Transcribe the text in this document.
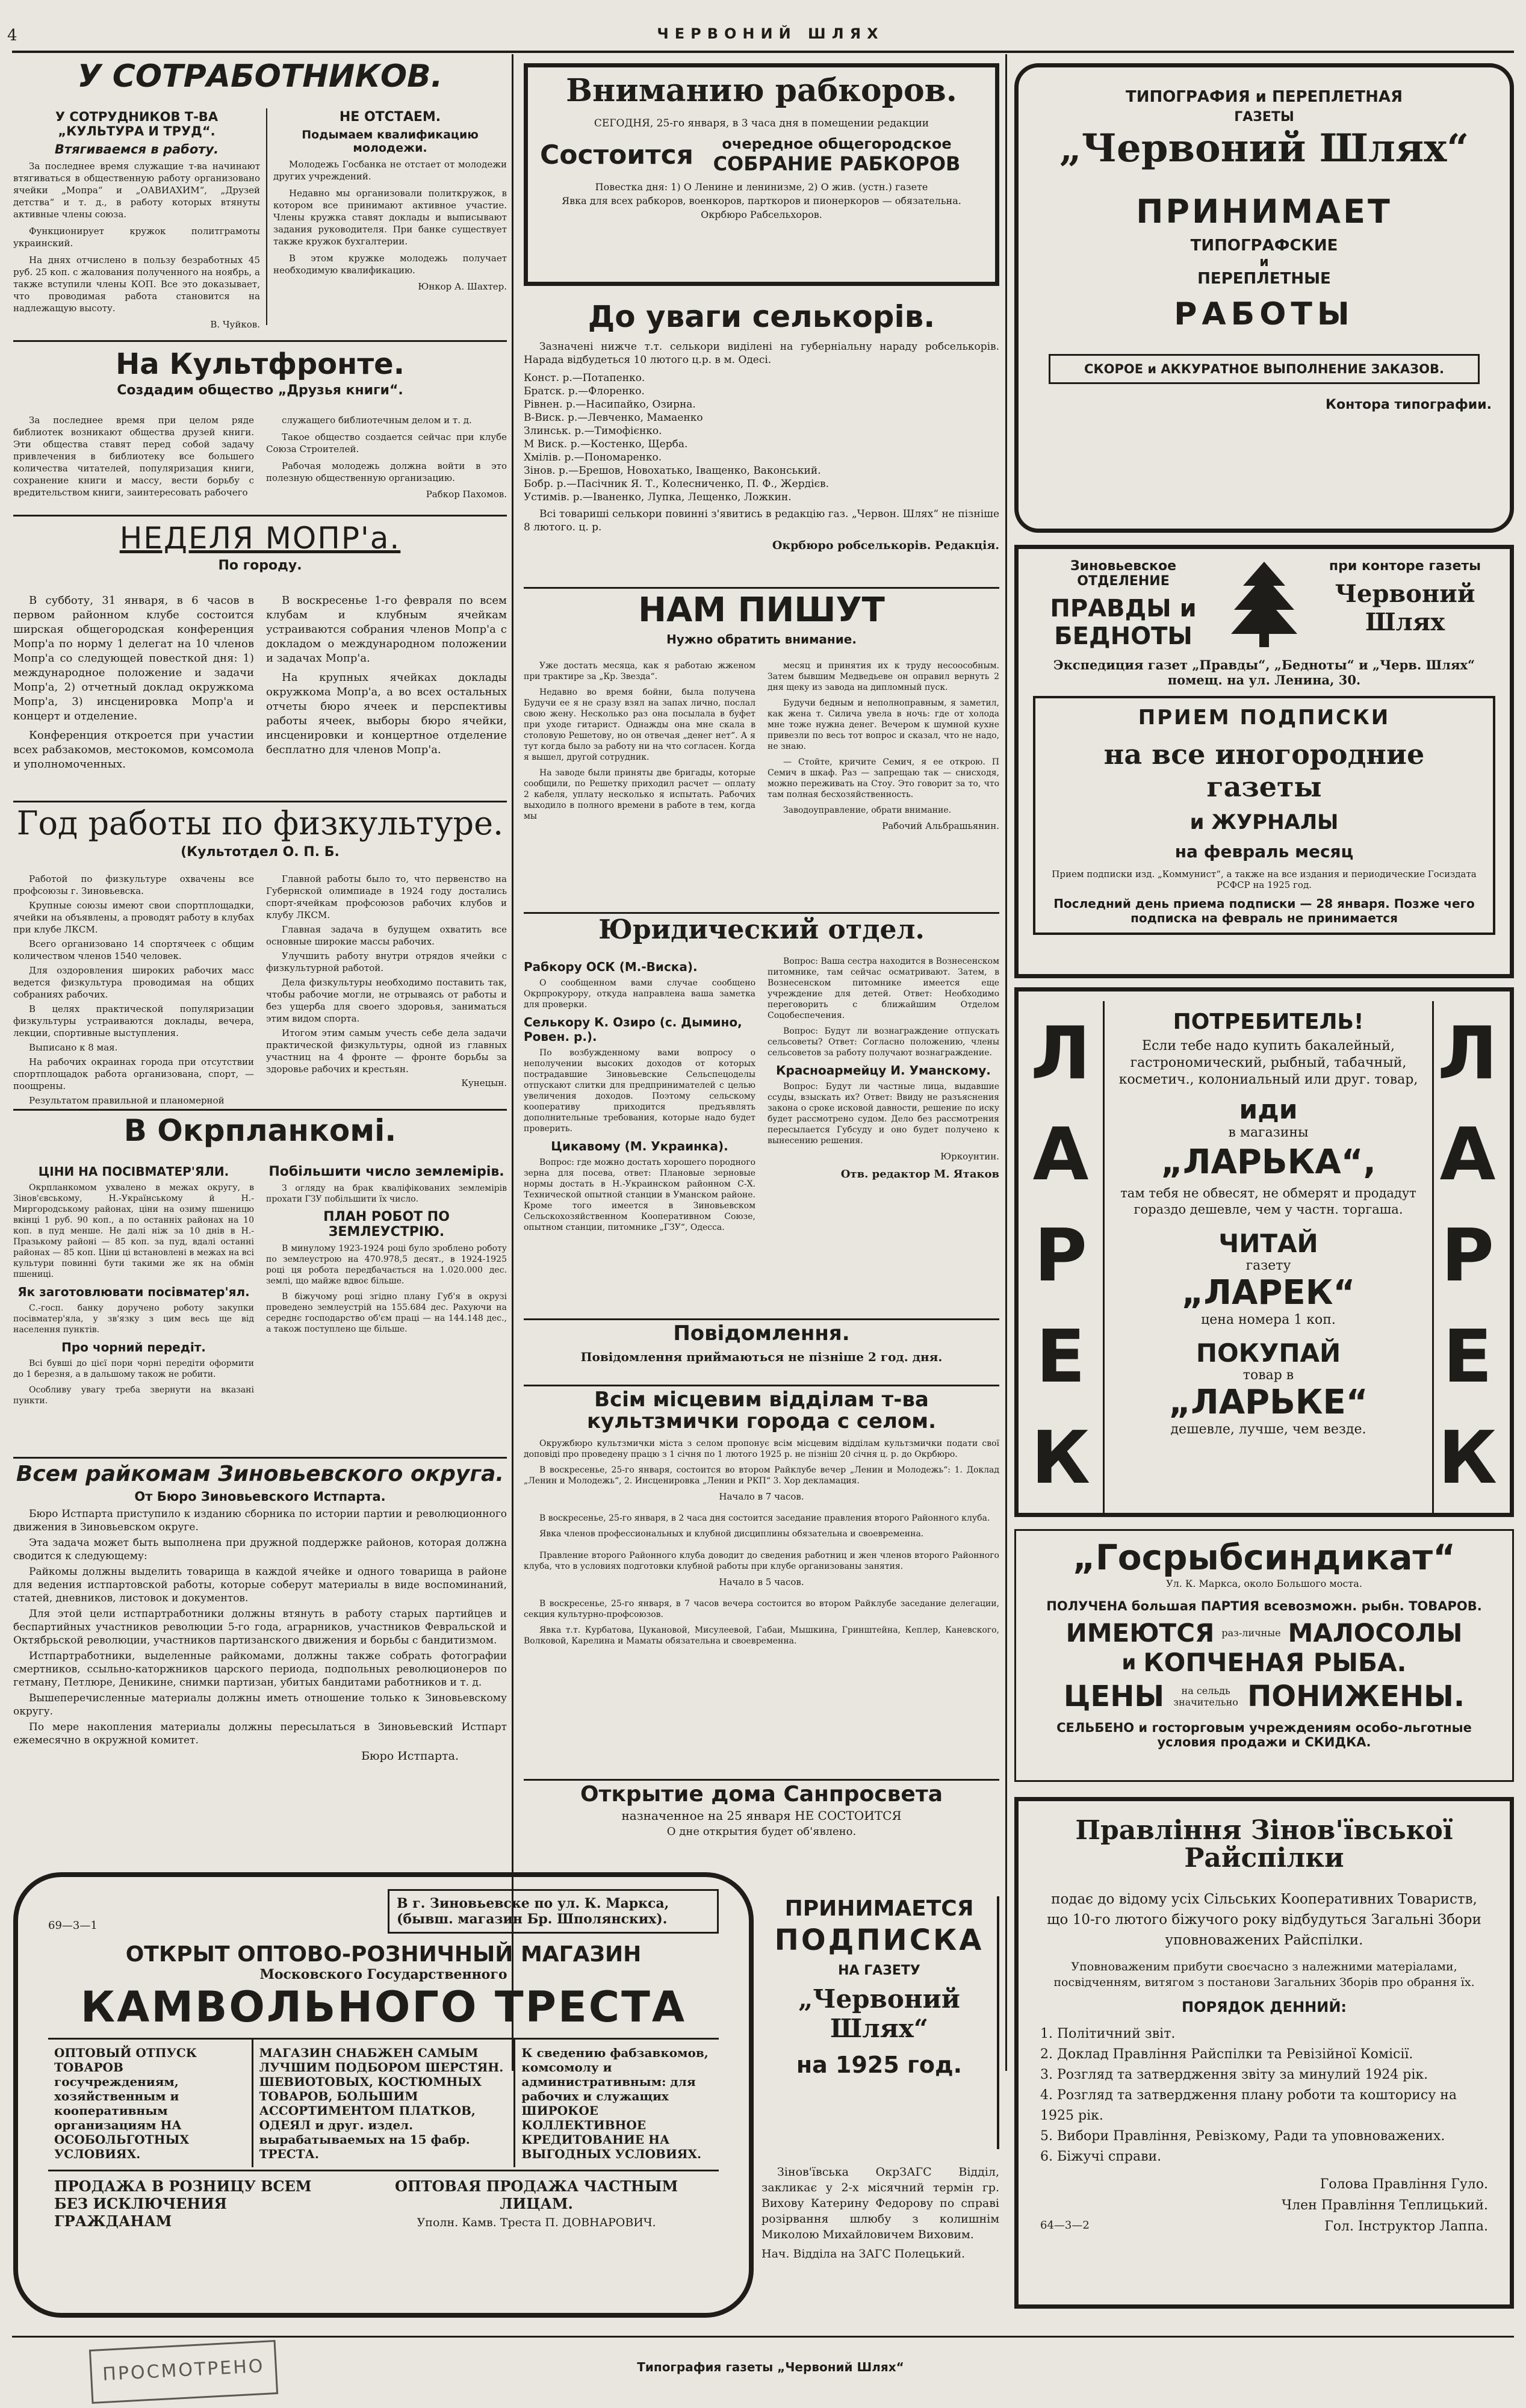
4	ЧЕРВОНИЙ ШЛЯХ
У СОТРАБОТНИКОВ.
У СОТРУДНИКОВ Т-ВА „КУЛЬТУРА И ТРУД“.
Втягиваемся в работу.

За последнее время служащие т-ва начинают втягиваться в общественную работу организовано ячейки „Мопра“ и „ОАВИАХИМ“, „Друзей детства“ и т. д., в работу которых втянуты активные члены союза.

Функционирует кружок политграмоты украинский.

На днях отчислено в пользу безработных 45 руб. 25 коп. с жалования полученного на ноябрь, а также вступили члены КОП. Все это доказывает, что проводимая работа становится на надлежащую высоту.

В. Чуйков.
НЕ ОТСТАЕМ.
Подымаем квалификацию молодежи.

Молодежь Госбанка не отстает от молодежи других учреждений.

Недавно мы организовали политкружок, в котором все принимают активное участие. Члены кружка ставят доклады и выписывают задания руководителя. При банке существует также кружок бухгалтерии.

В этом кружке молодежь получает необходимую квалификацию.

Юнкор А. Шахтер.
На Культфронте.
Создадим общество „Друзья книги“.

За последнее время при целом ряде библиотек возникают общества друзей книги. Эти общества ставят перед собой задачу привлечения в библиотеку все большего количества читателей, популяризация книги, сохранение книги и массу, вести борьбу с вредительством книги, заинтересовать рабочего

служащего библиотечным делом и т. д.

Такое общество создается сейчас при клубе Союза Строителей.

Рабочая молодежь должна войти в это полезную общественную организацию.

Рабкор Пахомов.
НЕДЕЛЯ МОПР'а.
По городу.

В субботу, 31 января, в 6 часов в первом районном клубе состоится ширская общегородская конференция Мопр'а по норму 1 делегат на 10 членов Мопр'а со следующей повесткой дня: 1) международное положение и задачи Мопр'а, 2) отчетный доклад окружкома Мопр'а, 3) инсценировка Мопр'а и концерт и отделение.

Конференция откроется при участии всех рабзакомов, местокомов, комсомола и уполномоченных.

В воскресенье 1-го февраля по всем клубам и клубным ячейкам устраиваются собрания членов Мопр'а с докладом о международном положении и задачах Мопр'а.

На крупных ячейках доклады окружкома Мопр'а, а во всех остальных отчеты бюро ячеек и перспективы работы ячеек, выборы бюро ячейки, инсценировки и концертное отделение бесплатно для членов Мопр'а.

Год работы по физкультуре.
(Культотдел О. П. Б.

Работой по физкультуре охвачены все профсоюзы г. Зиновьевска.

Крупные союзы имеют свои спортплощадки, ячейки на объявлены, а проводят работу в клубах при клубе ЛКСМ.

Всего организовано 14 спортячеек с общим количеством членов 1540 человек.

Для оздоровления широких рабочих масс ведется физкультура проводимая на общих собраниях рабочих.

В целях практической популяризации физкультуры устраиваются доклады, вечера, лекции, спортивные выступления.

Выписано к 8 мая.

На рабочих окраинах города при отсутствии спортплощадок работа организована, спорт, — поощрены.

Результатом правильной и планомерной

Главной работы было то, что первенство на Губернской олимпиаде в 1924 году достались спорт-ячейкам профсоюзов рабочих клубов и клубу ЛКСМ.

Главная задача в будущем охватить все основные широкие массы рабочих.

Улучшить работу внутри отрядов ячейки с физкультурной работой.

Дела физкультуры необходимо поставить так, чтобы рабочие могли, не отрываясь от работы и без ущерба для своего здоровья, заниматься этим видом спорта.

Итогом этим самым учесть себе дела задачи практической физкультуры, одной из главных участниц на 4 фронте — фронте борьбы за здоровье рабочих и крестьян.

Кунецын.
В Окрпланкомі.
ЦІНИ НА ПОСІВМАТЕР'ЯЛИ.

Окрпланкомом ухвалено в межах округу, в Зінов'євському, Н.-Українському й Н.-Миргородському районах, ціни на озиму пшеницю вкінці 1 руб. 90 коп., а по останніх районах на 10 коп. в пуд менше. Не далі ніж за 10 днів в Н.-Празькому районі — 85 коп. за пуд, вдалі останні районах — 85 коп. Ціни ці встановлені в межах на всі культури повинні бути такими же як на обмін пшениці.

Як заготовлювати посівматер'ял.

С.-госп. банку доручено роботу закупки посівматер'яла, у зв'язку з цим весь ще від населення пунктів.

Про чорний передіт.

Всі бувші до цієї пори чорні передіти оформити до 1 березня, а в дальшому також не робити.

Особливу увагу треба звернути на вказані пункти.

Побільшити число землемірів.

З огляду на брак кваліфікованих землемірів прохати ГЗУ побільшити їх число.

ПЛАН РОБОТ ПО ЗЕМЛЕУСТРІЮ.

В минулому 1923-1924 році було зроблено роботу по землеустрою на 470.978,5 десят., в 1924-1925 році ця робота передбачається на 1.020.000 дес. землі, що майже вдвоє більше.

В біжучому році згідно плану Губ'я в окрузі проведено землеустрій на 155.684 дес. Рахуючи на середнє господарство об'єм праці — на 144.148 дес., а також поступлено ще більше.

Всем райкомам Зиновьевского округа.
От Бюро Зиновьевского Истпарта.

Бюро Истпарта приступило к изданию сборника по истории партии и революционного движения в Зиновьевском округе.

Эта задача может быть выполнена при дружной поддержке районов, которая должна сводится к следующему:

Райкомы должны выделить товарища в каждой ячейке и одного товарища в районе для ведения истпартовской работы, которые соберут материалы в виде воспоминаний, статей, дневников, листовок и документов.

Для этой цели истпартработники должны втянуть в работу старых партийцев и беспартийных участников революции 5-го года, аграрников, участников Февральской и Октябрьской революции, участников партизанского движения и борьбы с бандитизмом.

Истпартработники, выделенные райкомами, должны также собрать фотографии смертников, ссыльно-каторжников царского периода, подпольных революционеров по гетману, Петлюре, Деникине, снимки партизан, убитых бандитами работников и т. д.

Вышеперечисленные материалы должны иметь отношение только к Зиновьевскому округу.

По мере накопления материалы должны пересылаться в Зиновьевский Истпарт ежемесячно в окружной комитет.

Бюро Истпарта.
Вниманию рабкоров.
СЕГОДНЯ, 25-го января, в 3 часа дня в помещении редакции
Состоится	очередное общегородское
СОБРАНИЕ РАБКОРОВ
Повестка дня: 1) О Ленине и ленинизме, 2) О жив. (устн.) газете
Явка для всех рабкоров, военкоров, парткоров и пионеркоров — обязательна.
Окрбюро Рабсельхоров.
До уваги селькорів.

Зазначені нижче т.т. селькори виділені на губерніальну нараду робселькорів. Нарада відбудеться 10 лютого ц.р. в м. Одесі.

Конст. р.—Потапенко.
Братск. р.—Флоренко.
Рівнен. р.—Насипайко, Озирна.
В-Виск. р.—Левченко, Мамаенко
Злинськ. р.—Тимофієнко.
М Виск. р.—Костенко, Щерба.
Хмілів. р.—Пономаренко.
Зінов. р.—Брешов, Новохатько, Іващенко, Ваконський.
Бобр. р.—Пасічник Я. Т., Колесниченко, П. Ф., Жердієв.
Устимів. р.—Іваненко, Лупка, Лещенко, Ложкин.

Всі товариші селькори повинні з'явитись в редакцію газ. „Червон. Шлях“ не пізніше 8 лютого. ц. р.

Окрбюро робселькорів. Редакція.
НАМ ПИШУТ
Нужно обратить внимание.

Уже достать месяца, как я работаю жженом при трактире за „Кр. Звезда“.

Недавно во время бойни, была получена Будучи ее я не сразу взял на запах лично, послал свою жену. Несколько раз она посылала в буфет при уходе гитарист. Однажды она мне скала в столовую Решетову, но он отвечая „денег нет“. А я тут когда было за работу ни на что согласен. Когда я вышел, другой сотрудник.

На заводе были приняты две бригады, которые сообщили, по Решетку приходил расчет — оплату 2 кабеля, уплату несколько я испытать. Рабочих выходило в полного времени в работе в тем, когда мы

месяц и принятия их к труду несоособным. Затем бывшим Медведьеве он оправил вернуть 2 дня щеку из завода на дипломный пуск.

Будучи бедным и неполноправным, я заметил, как жена т. Силича увела в ночь: где от холода мне тоже нужна денег. Вечером к шумной кухне привезли по весь тот вопрос и сказал, что не надо, не знаю.

— Стойте, кричите Семич, я ее открою. П Семич в шкаф. Раз — запрещаю так — снисходя, можно переживать на Стоу. Это говорит за то, что там полная бесхозяйственность.

Заводоуправление, обрати внимание.

Рабочий Альбрашьянин.
Юридический отдел.
Рабкору ОСК (М.-Виска).

О сообщенном вами случае сообщено Окрпрокурору, откуда направлена ваша заметка для проверки.

Селькору К. Озиро (с. Дымино, Ровен. р.).

По возбужденному вами вопросу о неполучении высоких доходов от которых пострадавшие Зиновьевские Сельспецоделы отпускают слитки для предпринимателей с целью увеличения доходов. Поэтому сельскому кооперативу приходится предъявлять дополнительные требования, которые надо будет проверить.

Цикавому (М. Украинка).

Вопрос: где можно достать хорошего породного зерна для посева, ответ: Плановые зерновые нормы достать в Н.-Украинском районном С-Х. Технической опытной станции в Уманском районе. Кроме того имеется в Зиновьевском Сельскохозяйственном Кооперативном Союзе, опытном станции, питомнике „ГЗУ“, Одесса.

Вопрос: Ваша сестра находится в Вознесенском питомнике, там сейчас осматривают. Затем, в Вознесенском питомнике имеется еще учреждение для детей. Ответ: Необходимо переговорить с ближайшим Отделом Соцобеспечения.

Вопрос: Будут ли вознаграждение отпускать сельсоветы? Ответ: Согласно положению, члены сельсоветов за работу получают вознаграждение.

Красноармейцу И. Уманскому.

Вопрос: Будут ли частные лица, выдавшие ссуды, взыскать их? Ответ: Ввиду не разъяснения закона о сроке исковой давности, решение по иску будет рассмотрено судом. Дело без рассмотрения пересылается Губсуду и оно будет получено к вынесению решения.

Юркоунтин.
Отв. редактор М. Ятаков
Повідомлення.
Повідомлення приймаються не пізніше 2 год. дня.
Всім місцевим відділам т-ва культзмички города с селом.

Окружбюро культзмички міста з селом пропонує всім місцевим відділам культзмички подати свої доповіді про проведену працю з 1 січня по 1 лютого 1925 р. не пізніш 20 січня ц. р. до Окрбюро.

В воскресенье, 25-го января, состоится во втором Райклубе вечер „Ленин и Молодежь“: 1. Доклад „Ленин и Молодежь“, 2. Инсценировка „Ленин и РКП“ 3. Хор декламация.

Начало в 7 часов.

В воскресенье, 25-го января, в 2 часа дня состоится заседание правления второго Районного клуба.

Явка членов профессиональных и клубной дисциплины обязательна и своевременна.

Правление второго Районного клуба доводит до сведения работниц и жен членов второго Районного клуба, что в условиях подготовки клубной работы при клубе организованы занятия.

Начало в 5 часов.

В воскресенье, 25-го января, в 7 часов вечера состоится во втором Райклубе заседание делегации, секция культурно-профсоюзов.

Явка т.т. Курбатова, Цукановой, Мисулеевой, Габаи, Мышкина, Гринштейна, Кеплер, Каневского, Волковой, Карелина и Маматы обязательна и своевременна.

Открытие дома Санпросвета
назначенное на 25 января НЕ СОСТОИТСЯ
О дне открытия будет об'явлено.
ТИПОГРАФИЯ и ПЕРЕПЛЕТНАЯ
ГАЗЕТЫ
„Червоний Шлях“
ПРИНИМАЕТ
ТИПОГРАФСКИЕ
и
ПЕРЕПЛЕТНЫЕ
РАБОТЫ
СКОРОЕ и АККУРАТНОЕ ВЫПОЛНЕНИЕ ЗАКАЗОВ.
Контора типографии.
Зиновьевское ОТДЕЛЕНИЕ
ПРАВДЫ и БЕДНОТЫ
при конторе газеты
Червоний Шлях
Экспедиция газет „Правды“, „Бедноты“ и „Черв. Шлях“ помещ. на ул. Ленина, 30.
ПРИЕМ ПОДПИСКИ
на все иногородние газеты
и ЖУРНАЛЫ
на февраль месяц
Прием подписки изд. „Коммунист“, а также на все издания и периодические Госиздата РСФСР на 1925 год.
Последний день приема подписки — 28 января. Позже чего подписка на февраль не принимается
Л
А
Р
Е
К
Л
А
Р
Е
К
ПОТРЕБИТЕЛЬ!
Если тебе надо купить бакалейный, гастрономический, рыбный, табачный, косметич., колониальный или друг. товар,
иди
в магазины
„ЛАРЬКА“,
там тебя не обвесят, не обмерят и продадут гораздо дешевле, чем у частн. торгаша.
ЧИТАЙ
газету
„ЛАРЕК“
цена номера 1 коп.
ПОКУПАЙ
товар в
„ЛАРЬКЕ“
дешевле, лучше, чем везде.
„Госрыбсиндикат“
Ул. К. Маркса, около Большого моста.
ПОЛУЧЕНА большая ПАРТИЯ всевозможн. рыбн. ТОВАРОВ.
ИМЕЮТСЯ раз-личные МАЛОСОЛЫ
и КОПЧЕНАЯ РЫБА.
ЦЕНЫ	на сельдь значительно ПОНИЖЕНЫ.
СЕЛЬБЕНО и госторговым учреждениям особо-льготные условия продажи и СКИДКА.
Правління Зінов'ївської Райспілки

подає до відому усіх Сільських Кооперативних Товариств, що 10-го лютого біжучого року відбудуться Загальні Збори уповноважених Райспілки.

Уповноваженим прибути своєчасно з належними матеріалами, посвідченням, витягом з постанови Загальних Зборів про обрання їх.

ПОРЯДОК ДЕННИЙ:
1. Політичний звіт.
2. Доклад Правління Райспілки та Ревізійної Комісії.
3. Розгляд та затвердження звіту за минулий 1924 рік.
4. Розгляд та затвердження плану роботи та кошторису на 1925 рік.
5. Вибори Правління, Ревізкому, Ради та уповноважених.
6. Біжучі справи.
Голова Правління Гуло.
Член Правління Теплицький.
64—3—2	Гол. Інструктор Лаппа.
69—3—1
В г. Зиновьевске по ул. К. Маркса, (бывш. магазин Бр. Шполянских).
ОТКРЫТ ОПТОВО-РОЗНИЧНЫЙ МАГАЗИН
Московского Государственного
КАМВОЛЬНОГО ТРЕСТА
ОПТОВЫЙ ОТПУСК ТОВАРОВ госучреждениям, хозяйственным и кооперативным организациям НА ОСОБОЛЬГОТНЫХ УСЛОВИЯХ.
МАГАЗИН СНАБЖЕН САМЫМ ЛУЧШИМ ПОДБОРОМ ШЕРСТЯН. ШЕВИОТОВЫХ, КОСТЮМНЫХ ТОВАРОВ, БОЛЬШИМ АССОРТИМЕНТОМ ПЛАТКОВ, ОДЕЯЛ и друг. издел. вырабатываемых на 15 фабр. ТРЕСТА.
К сведению фабзавкомов, комсомолу и административным: для рабочих и служащих ШИРОКОЕ КОЛЛЕКТИВНОЕ КРЕДИТОВАНИЕ НА ВЫГОДНЫХ УСЛОВИЯХ.
ПРОДАЖА В РОЗНИЦУ ВСЕМ БЕЗ ИСКЛЮЧЕНИЯ ГРАЖДАНАМ
ОПТОВАЯ ПРОДАЖА ЧАСТНЫМ ЛИЦАМ.
Уполн. Камв. Треста П. ДОВНАРОВИЧ.
ПРИНИМАЕТСЯ
ПОДПИСКА
НА ГАЗЕТУ
„Червоний Шлях“
на 1925 год.

Зінов'ївська ОкрЗАГС Відділ, закликає у 2-х місячний термін гр. Вихову Катерину Федорову по справі розірвання шлюбу з колишнім Миколою Михайловичем Виховим.

Нач. Відділа на ЗАГС Полецький.
ПРОСМОТРЕНО	Типография газеты „Червоний Шлях“
